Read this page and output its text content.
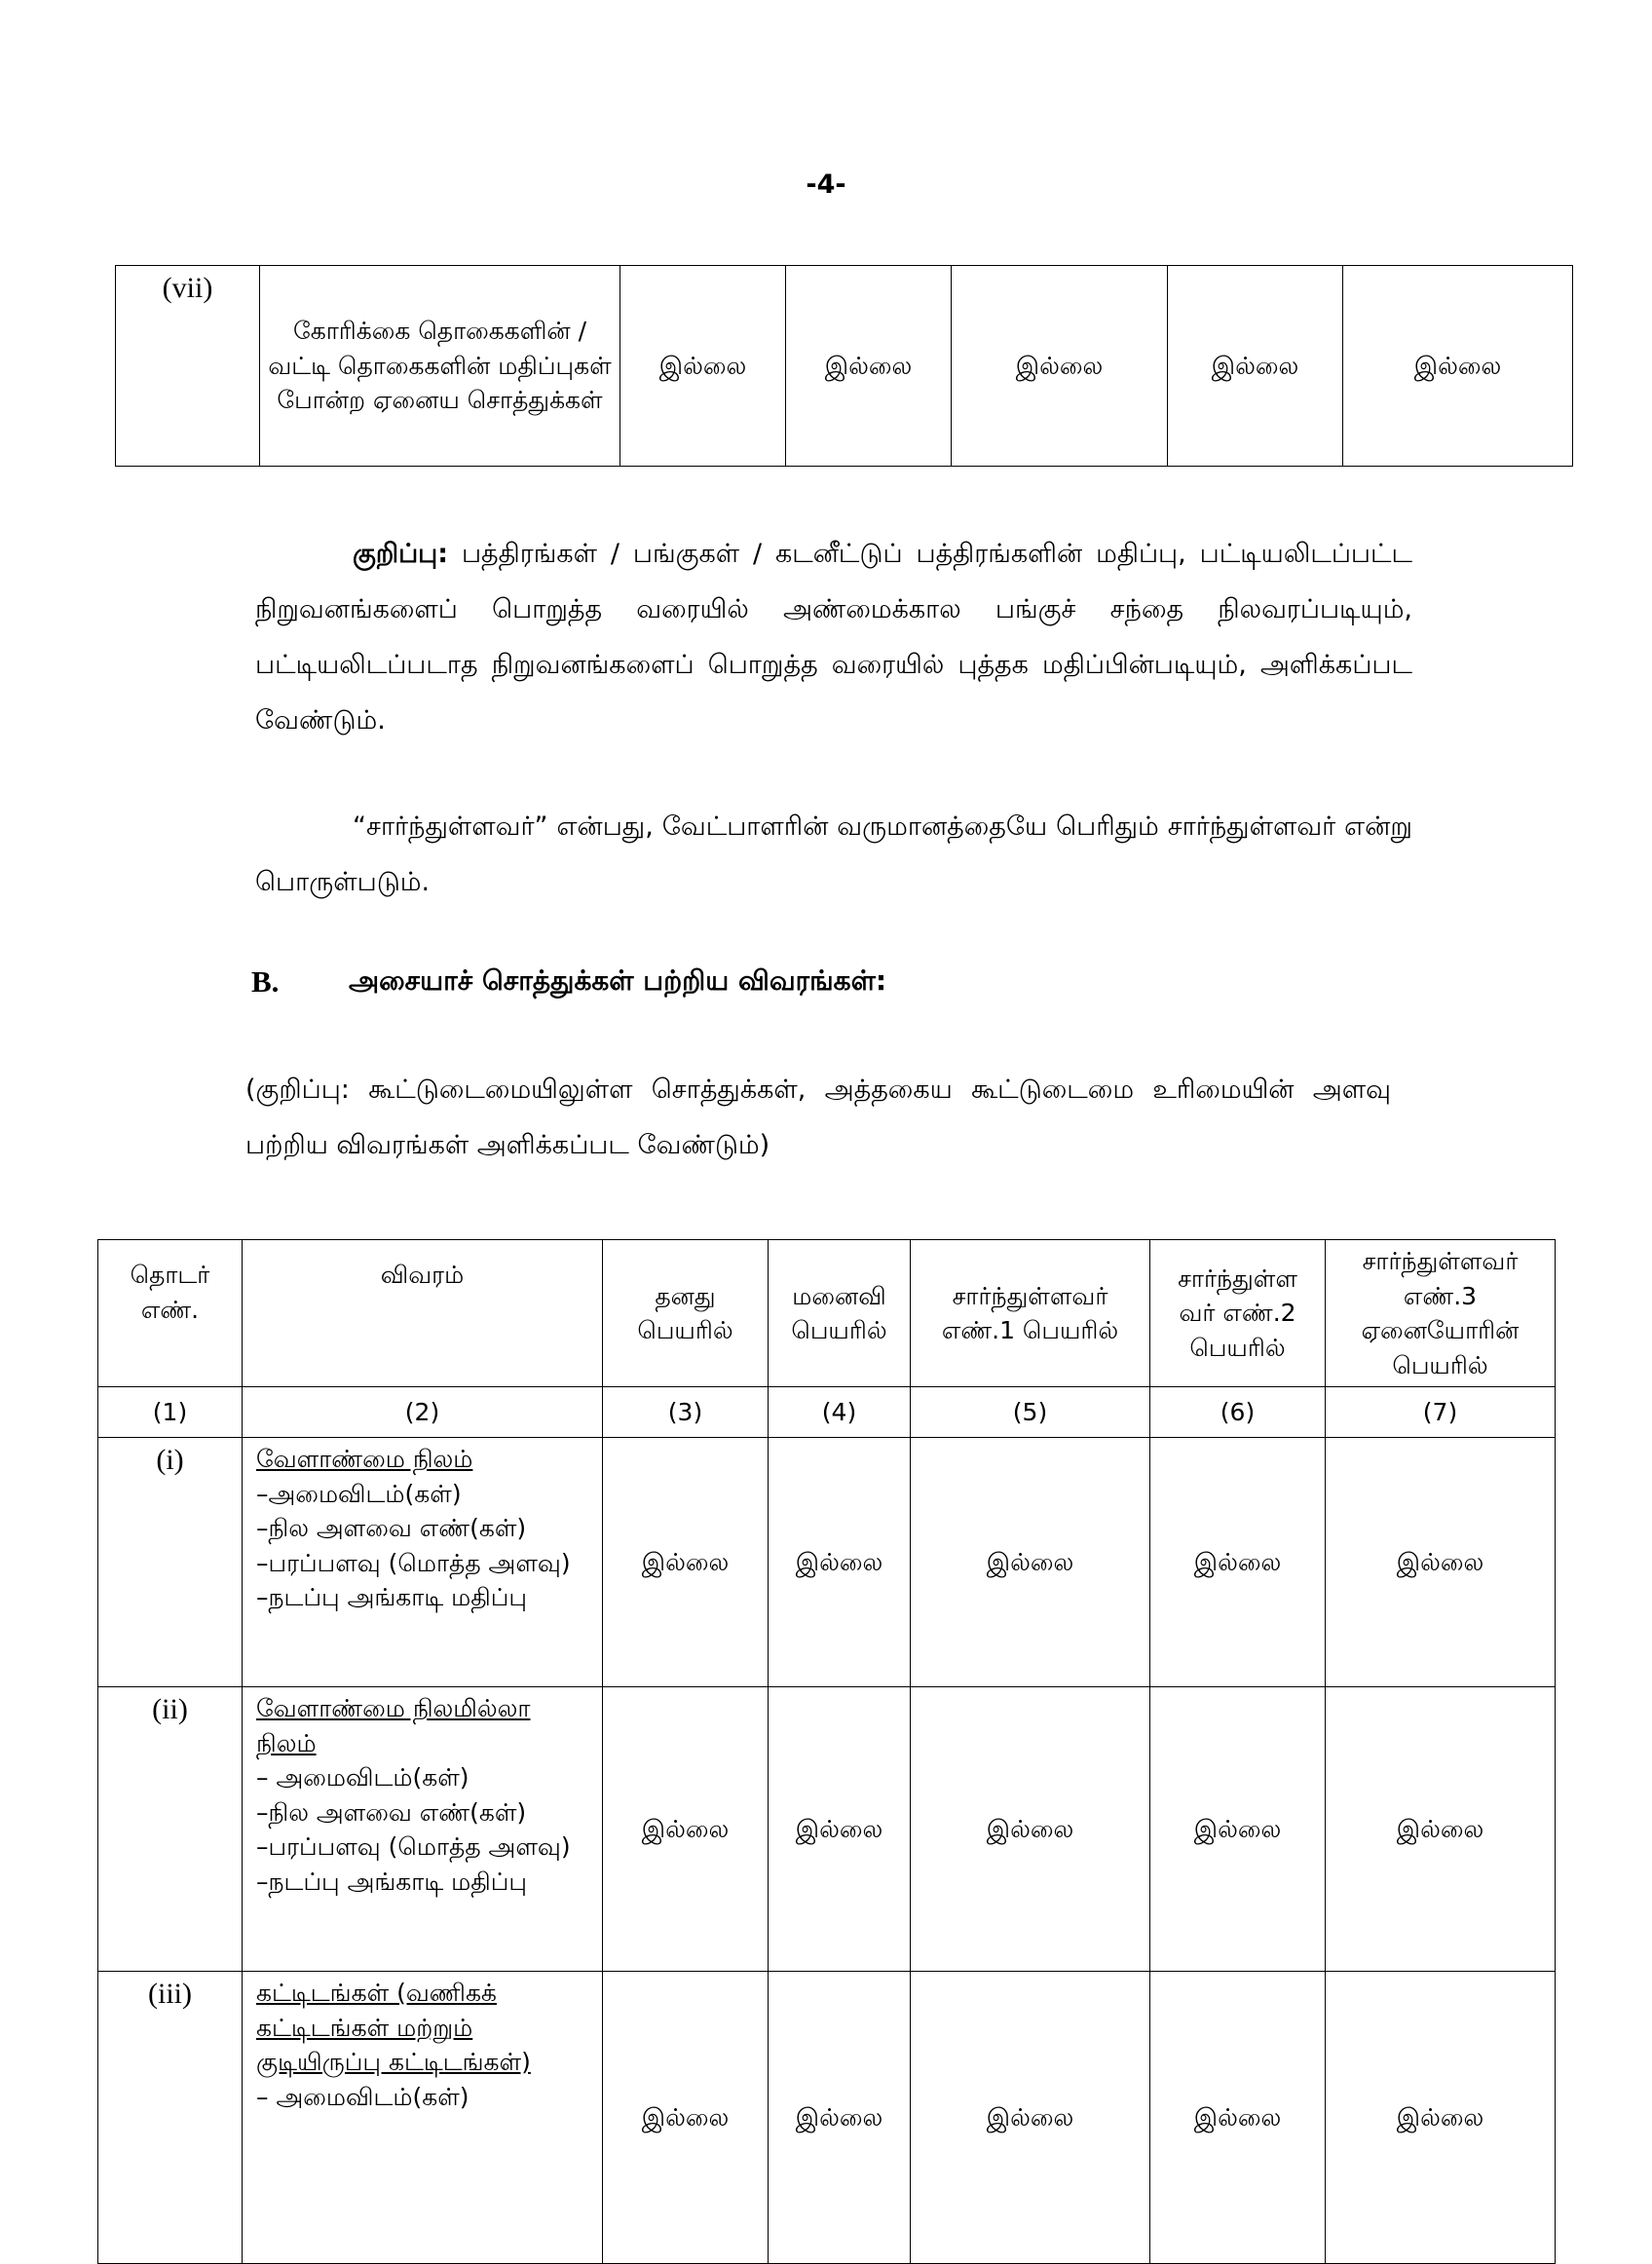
-4-
(vii)	கோரிக்கை தொகைகளின் / வட்டி தொகைகளின் மதிப்புகள் போன்ற ஏனைய சொத்துக்கள்	இல்லை	இல்லை	இல்லை	இல்லை	இல்லை

குறிப்பு: பத்திரங்கள் / பங்குகள் / கடனீட்டுப் பத்திரங்களின் மதிப்பு, பட்டியலிடப்பட்ட நிறுவனங்களைப் பொறுத்த வரையில் அண்மைக்கால பங்குச் சந்தை நிலவரப்படியும், பட்டியலிடப்படாத நிறுவனங்களைப் பொறுத்த வரையில் புத்தக மதிப்பின்படியும், அளிக்கப்பட வேண்டும்.

“சார்ந்துள்ளவர்” என்பது, வேட்பாளரின் வருமானத்தையே பெரிதும் சார்ந்துள்ளவர் என்று பொருள்படும்.

B.	அசையாச் சொத்துக்கள் பற்றிய விவரங்கள்:

(குறிப்பு: கூட்டுடைமையிலுள்ள சொத்துக்கள், அத்தகைய கூட்டுடைமை உரிமையின் அளவு பற்றிய விவரங்கள் அளிக்கப்பட வேண்டும்)

தொடர் எண்.	விவரம்	தனது பெயரில்	மனைவி பெயரில்	சார்ந்துள்ளவர் எண்.1 பெயரில்	சார்ந்துள்ள வர் எண்.2 பெயரில்	சார்ந்துள்ளவர் எண்.3 ஏனையோரின் பெயரில்
(1)	(2)	(3)	(4)	(5)	(6)	(7)
(i)	வேளாண்மை நிலம்
–அமைவிடம்(கள்)
–நில அளவை எண்(கள்)
–பரப்பளவு (மொத்த அளவு)
–நடப்பு அங்காடி மதிப்பு	இல்லை	இல்லை	இல்லை	இல்லை	இல்லை
(ii)	வேளாண்மை நிலமில்லா நிலம்
– அமைவிடம்(கள்)
–நில அளவை எண்(கள்)
–பரப்பளவு (மொத்த அளவு)
–நடப்பு அங்காடி மதிப்பு	இல்லை	இல்லை	இல்லை	இல்லை	இல்லை
(iii)	கட்டிடங்கள் (வணிகக் கட்டிடங்கள் மற்றும் குடியிருப்பு கட்டிடங்கள்)
– அமைவிடம்(கள்)	இல்லை	இல்லை	இல்லை	இல்லை	இல்லை
